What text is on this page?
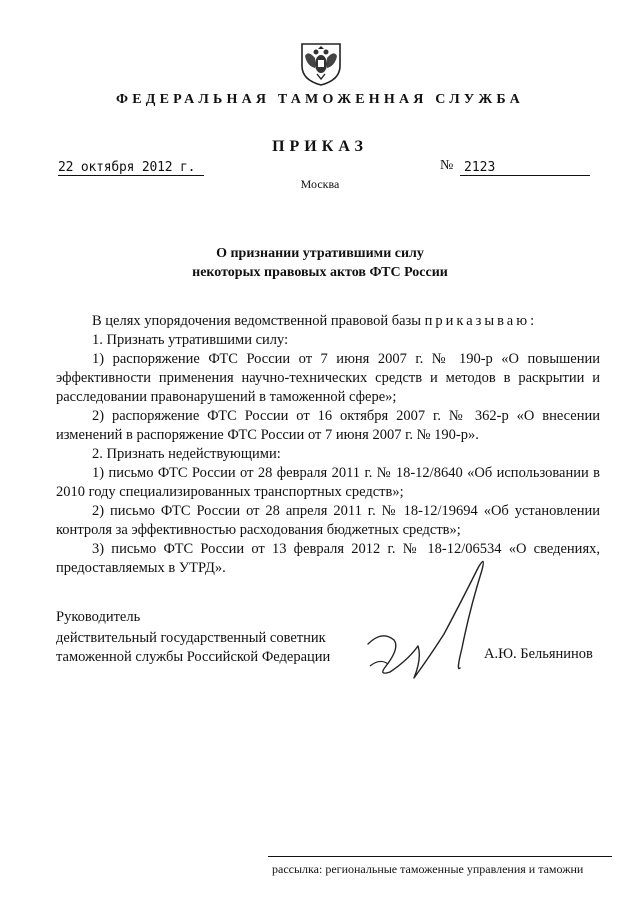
ФЕДЕРАЛЬНАЯ ТАМОЖЕННАЯ СЛУЖБА
ПРИКАЗ
22 октября 2012 г.	№ 2123
Москва
О признании утратившими силу
некоторых правовых актов ФТС России

В целях упорядочения ведомственной правовой базы приказываю:

1. Признать утратившими силу:

1) распоряжение ФТС России от 7 июня 2007 г. № 190-р «О повышении эффективности применения научно-технических средств и методов в раскрытии и расследовании правонарушений в таможенной сфере»;

2) распоряжение ФТС России от 16 октября 2007 г. № 362-р «О внесении изменений в распоряжение ФТС России от 7 июня 2007 г. № 190-р».

2. Признать недействующими:

1) письмо ФТС России от 28 февраля 2011 г. № 18-12/8640 «Об использовании в 2010 году специализированных транспортных средств»;

2) письмо ФТС России от 28 апреля 2011 г. № 18-12/19694 «Об установлении контроля за эффективностью расходования бюджетных средств»;

3) письмо ФТС России от 13 февраля 2012 г. № 18-12/06534 «О сведениях, предоставляемых в УТРД».

Руководитель
действительный государственный советник
таможенной службы Российской Федерации	А.Ю. Бельянинов
рассылка: региональные таможенные управления и таможни
